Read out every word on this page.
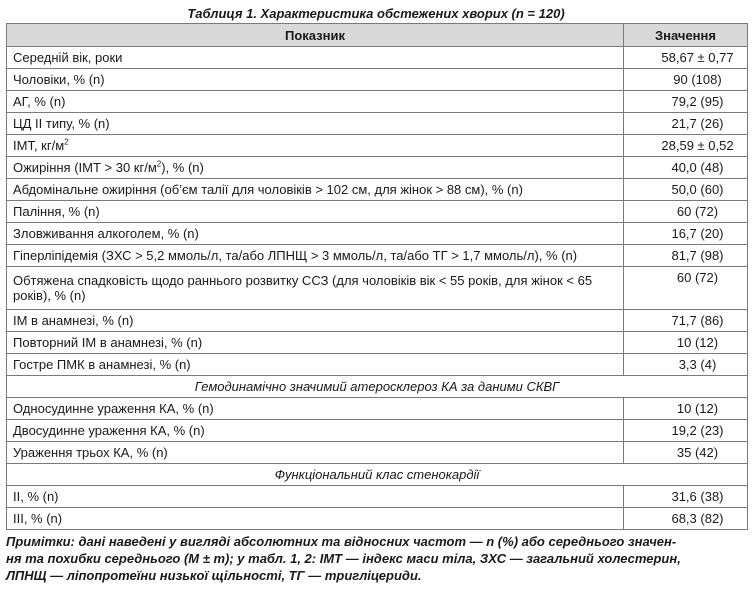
Таблиця 1. Характеристика обстежених хворих (n = 120)
Показник	Значення
Середній вік, роки	58,67 ± 0,77
Чоловіки, % (n)	90 (108)
АГ, % (n)	79,2 (95)
ЦД ІІ типу, % (n)	21,7 (26)
ІМТ, $кг/м^2$	28,59 ± 0,52
Ожиріння (ІМТ > 30 $кг/м^2$), % (n)	40,0 (48)
Абдомінальне ожиріння (об’єм талії для чоловіків > 102 см, для жінок > 88 см), % (n)	50,0 (60)
Паління, % (n)	60 (72)
Зловживання алкоголем, % (n)	16,7 (20)
Гіперліпідемія (ЗХС > 5,2 ммоль/л, та/або ЛПНЩ > 3 ммоль/л, та/або ТГ > 1,7 ммоль/л), % (n)	81,7 (98)
Обтяжена спадковість щодо раннього розвитку ССЗ (для чоловіків вік < 55 років, для жінок < 65 років), % (n)	60 (72)
ІМ в анамнезі, % (n)	71,7 (86)
Повторний ІМ в анамнезі, % (n)	10 (12)
Гостре ПМК в анамнезі, % (n)	3,3 (4)
Гемодинамічно значимий атеросклероз КА за даними СКВГ	
Односудинне ураження КА, % (n)	10 (12)
Двосудинне ураження КА, % (n)	19,2 (23)
Ураження трьох КА, % (n)	35 (42)
Функціональний клас стенокардії	
II, % (n)	31,6 (38)
III, % (n)	68,3 (82)
Примітки: дані наведені у вигляді абсолютних та відносних частот — n (%) або середнього значен-
ня та похибки середнього (M ± m); у табл. 1, 2: ІМТ — індекс маси тіла, ЗХС — загальний холестерин,
ЛПНЩ — ліпопротеїни низької щільності, ТГ — тригліцериди.
